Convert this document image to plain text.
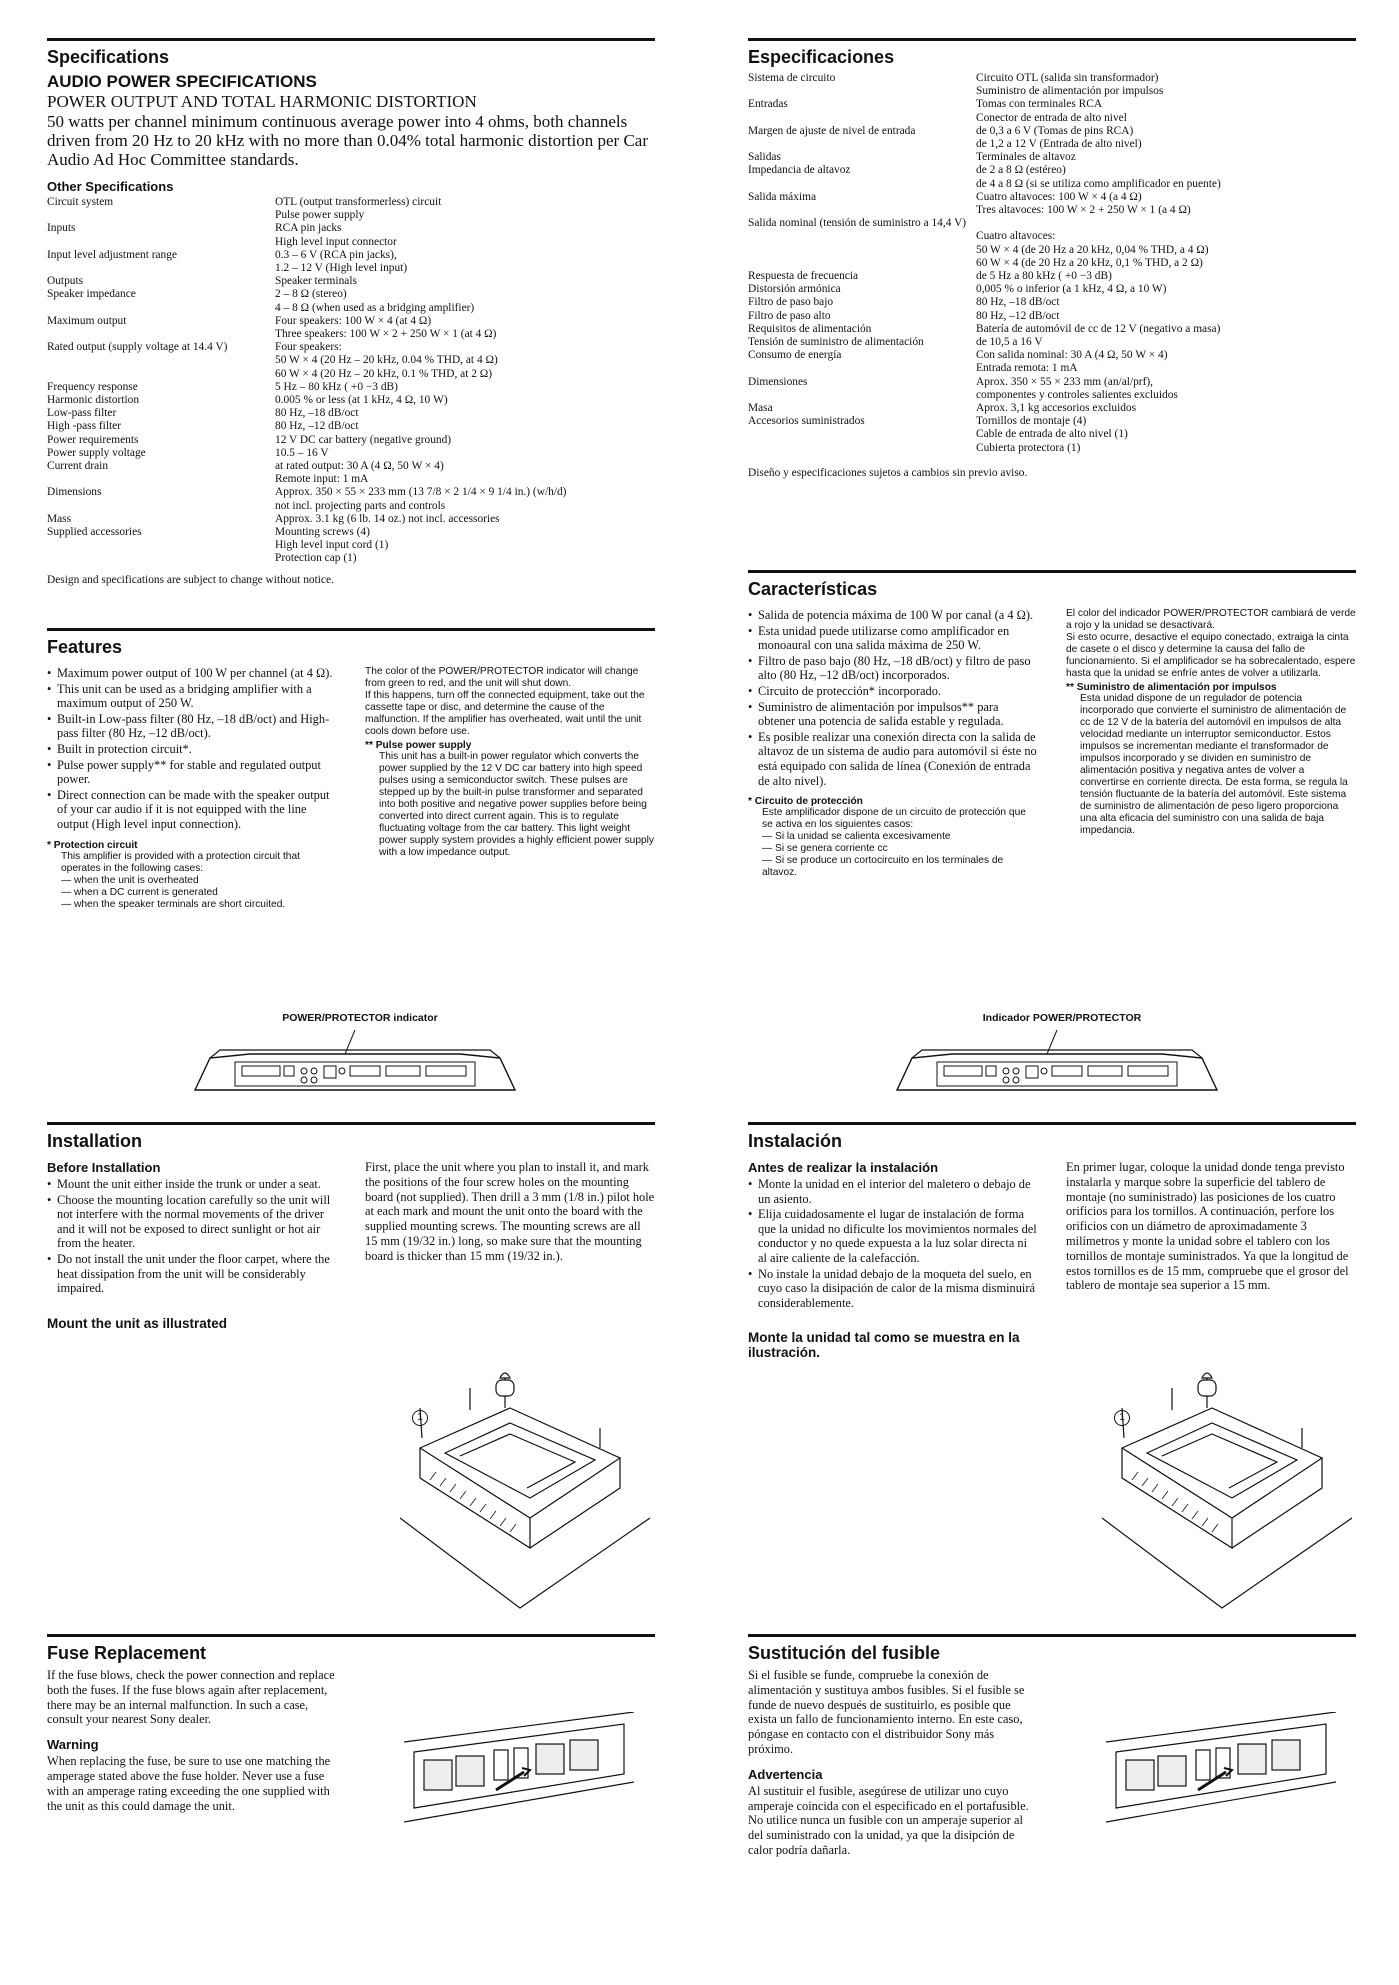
Specifications
AUDIO POWER SPECIFICATIONS
POWER OUTPUT AND TOTAL HARMONIC DISTORTION
50 watts per channel minimum continuous average power into 4 ohms, both channels driven from 20 Hz to 20 kHz with no more than 0.04% total harmonic distortion per Car Audio Ad Hoc Committee standards.
Other Specifications
Circuit system	OTL (output transformerless) circuit
Pulse power supply
Inputs	RCA pin jacks
High level input connector
Input level adjustment range	0.3 – 6 V (RCA pin jacks),
1.2 – 12 V (High level input)
Outputs	Speaker terminals
Speaker impedance	2 – 8 Ω (stereo)
4 – 8 Ω (when used as a bridging amplifier)
Maximum output	Four speakers: 100 W × 4 (at 4 Ω)
Three speakers: 100 W × 2 + 250 W × 1 (at 4 Ω)
Rated output (supply voltage at 14.4 V)	Four speakers:
50 W × 4 (20 Hz – 20 kHz, 0.04 % THD, at 4 Ω)
60 W × 4 (20 Hz – 20 kHz, 0.1 % THD, at 2 Ω)
Frequency response	5 Hz – 80 kHz ( +0 −3 dB)
Harmonic distortion	0.005 % or less (at 1 kHz, 4 Ω, 10 W)
Low-pass filter	80 Hz, –18 dB/oct
High -pass filter	80 Hz, –12 dB/oct
Power requirements	12 V DC car battery (negative ground)
Power supply voltage	10.5 – 16 V
Current drain	at rated output: 30 A (4 Ω, 50 W × 4)
Remote input: 1 mA
Dimensions	Approx. 350 × 55 × 233 mm (13 7/8 × 2 1/4 × 9 1/4 in.) (w/h/d)
not incl. projecting parts and controls
Mass	Approx. 3.1 kg (6 lb. 14 oz.) not incl. accessories
Supplied accessories	Mounting screws (4)
High level input cord (1)
Protection cap (1)
Design and specifications are subject to change without notice.
Features
• Maximum power output of 100 W per channel (at 4 Ω).
• This unit can be used as a bridging amplifier with a maximum output of 250 W.
• Built-in Low-pass filter (80 Hz, –18 dB/oct) and High-pass filter (80 Hz, –12 dB/oct).
• Built in protection circuit*.
• Pulse power supply** for stable and regulated output power.
• Direct connection can be made with the speaker output of your car audio if it is not equipped with the line output (High level input connection).
* Protection circuit
This amplifier is provided with a protection circuit that operates in the following cases:
— when the unit is overheated
— when a DC current is generated
— when the speaker terminals are short circuited.
The color of the POWER/PROTECTOR indicator will change from green to red, and the unit will shut down.
If this happens, turn off the connected equipment, take out the cassette tape or disc, and determine the cause of the malfunction. If the amplifier has overheated, wait until the unit cools down before use.
** Pulse power supply
This unit has a built-in power regulator which converts the power supplied by the 12 V DC car battery into high speed pulses using a semiconductor switch. These pulses are stepped up by the built-in pulse transformer and separated into both positive and negative power supplies before being converted into direct current again. This is to regulate fluctuating voltage from the car battery. This light weight power supply system provides a highly efficient power supply with a low impedance output.
POWER/PROTECTOR indicator
Installation
Before Installation
• Mount the unit either inside the trunk or under a seat.
• Choose the mounting location carefully so the unit will not interfere with the normal movements of the driver and it will not be exposed to direct sunlight or hot air from the heater.
• Do not install the unit under the floor carpet, where the heat dissipation from the unit will be considerably impaired.
Mount the unit as illustrated
First, place the unit where you plan to install it, and mark the positions of the four screw holes on the mounting board (not supplied). Then drill a 3 mm (1/8 in.) pilot hole at each mark and mount the unit onto the board with the supplied mounting screws. The mounting screws are all 15 mm (19/32 in.) long, so make sure that the mounting board is thicker than 15 mm (19/32 in.).
1
Fuse Replacement
If the fuse blows, check the power connection and replace both the fuses. If the fuse blows again after replacement, there may be an internal malfunction. In such a case, consult your nearest Sony dealer.
Warning
When replacing the fuse, be sure to use one matching the amperage stated above the fuse holder. Never use a fuse with an amperage rating exceeding the one supplied with the unit as this could damage the unit.
Especificaciones
Sistema de circuito	Circuito OTL (salida sin transformador)
Suministro de alimentación por impulsos
Entradas	Tomas con terminales RCA
Conector de entrada de alto nivel
Margen de ajuste de nivel de entrada	de 0,3 a 6 V (Tomas de pins RCA)
de 1,2 a 12 V (Entrada de alto nivel)
Salidas	Terminales de altavoz
Impedancia de altavoz	de 2 a 8 Ω (estéreo)
de 4 a 8 Ω (si se utiliza como amplificador en puente)
Salida máxima	Cuatro altavoces: 100 W × 4 (a 4 Ω)
Tres altavoces: 100 W × 2 + 250 W × 1 (a 4 Ω)
Salida nominal (tensión de suministro a 14,4 V)

Cuatro altavoces:
50 W × 4 (de 20 Hz a 20 kHz, 0,04 % THD, a 4 Ω)
60 W × 4 (de 20 Hz a 20 kHz, 0,1 % THD, a 2 Ω)
Respuesta de frecuencia	de 5 Hz a 80 kHz ( +0 −3 dB)
Distorsión armónica	0,005 % o inferior (a 1 kHz, 4 Ω, a 10 W)
Filtro de paso bajo	80 Hz, –18 dB/oct
Filtro de paso alto	80 Hz, –12 dB/oct
Requisitos de alimentación	Batería de automóvil de cc de 12 V (negativo a masa)
Tensión de suministro de alimentación	de 10,5 a 16 V
Consumo de energía	Con salida nominal: 30 A (4 Ω, 50 W × 4)
Entrada remota: 1 mA
Dimensiones	Aprox. 350 × 55 × 233 mm (an/al/prf),
componentes y controles salientes excluidos
Masa	Aprox. 3,1 kg accesorios excluidos
Accesorios suministrados	Tornillos de montaje (4)
Cable de entrada de alto nivel (1)
Cubierta protectora (1)
Diseño y especificaciones sujetos a cambios sin previo aviso.
Características
• Salida de potencia máxima de 100 W por canal (a 4 Ω).
• Esta unidad puede utilizarse como amplificador en monoaural con una salida máxima de 250 W.
• Filtro de paso bajo (80 Hz, –18 dB/oct) y filtro de paso alto (80 Hz, –12 dB/oct) incorporados.
• Circuito de protección* incorporado.
• Suministro de alimentación por impulsos** para obtener una potencia de salida estable y regulada.
• Es posible realizar una conexión directa con la salida de altavoz de un sistema de audio para automóvil si éste no está equipado con salida de línea (Conexión de entrada de alto nivel).
* Circuito de protección
Este amplificador dispone de un circuito de protección que se activa en los siguientes casos:
— Si la unidad se calienta excesivamente
— Si se genera corriente cc
— Si se produce un cortocircuito en los terminales de altavoz.
El color del indicador POWER/PROTECTOR cambiará de verde a rojo y la unidad se desactivará.
Si esto ocurre, desactive el equipo conectado, extraiga la cinta de casete o el disco y determine la causa del fallo de funcionamiento. Si el amplificador se ha sobrecalentado, espere hasta que la unidad se enfríe antes de volver a utilizarla.
** Suministro de alimentación por impulsos
Esta unidad dispone de un regulador de potencia incorporado que convierte el suministro de alimentación de cc de 12 V de la batería del automóvil en impulsos de alta velocidad mediante un interruptor semiconductor. Estos impulsos se incrementan mediante el transformador de impulsos incorporado y se dividen en suministro de alimentación positiva y negativa antes de volver a convertirse en corriente directa. De esta forma, se regula la tensión fluctuante de la batería del automóvil. Este sistema de suministro de alimentación de peso ligero proporciona una alta eficacia del suministro con una salida de baja impedancia.
Indicador POWER/PROTECTOR
Instalación
Antes de realizar la instalación
• Monte la unidad en el interior del maletero o debajo de un asiento.
• Elija cuidadosamente el lugar de instalación de forma que la unidad no dificulte los movimientos normales del conductor y no quede expuesta a la luz solar directa ni al aire caliente de la calefacción.
• No instale la unidad debajo de la moqueta del suelo, en cuyo caso la disipación de calor de la misma disminuirá considerablemente.
Monte la unidad tal como se muestra en la ilustración.
En primer lugar, coloque la unidad donde tenga previsto instalarla y marque sobre la superficie del tablero de montaje (no suministrado) las posiciones de los cuatro orificios para los tornillos. A continuación, perfore los orificios con un diámetro de aproximadamente 3 milímetros y monte la unidad sobre el tablero con los tornillos de montaje suministrados. Ya que la longitud de estos tornillos es de 15 mm, compruebe que el grosor del tablero de montaje sea superior a 15 mm.
1
Sustitución del fusible
Si el fusible se funde, compruebe la conexión de alimentación y sustituya ambos fusibles. Si el fusible se funde de nuevo después de sustituirlo, es posible que exista un fallo de funcionamiento interno. En este caso, póngase en contacto con el distribuidor Sony más próximo.
Advertencia
Al sustituir el fusible, asegúrese de utilizar uno cuyo amperaje coincida con el especificado en el portafusible. No utilice nunca un fusible con un amperaje superior al del suministrado con la unidad, ya que la disipción de calor podría dañarla.
